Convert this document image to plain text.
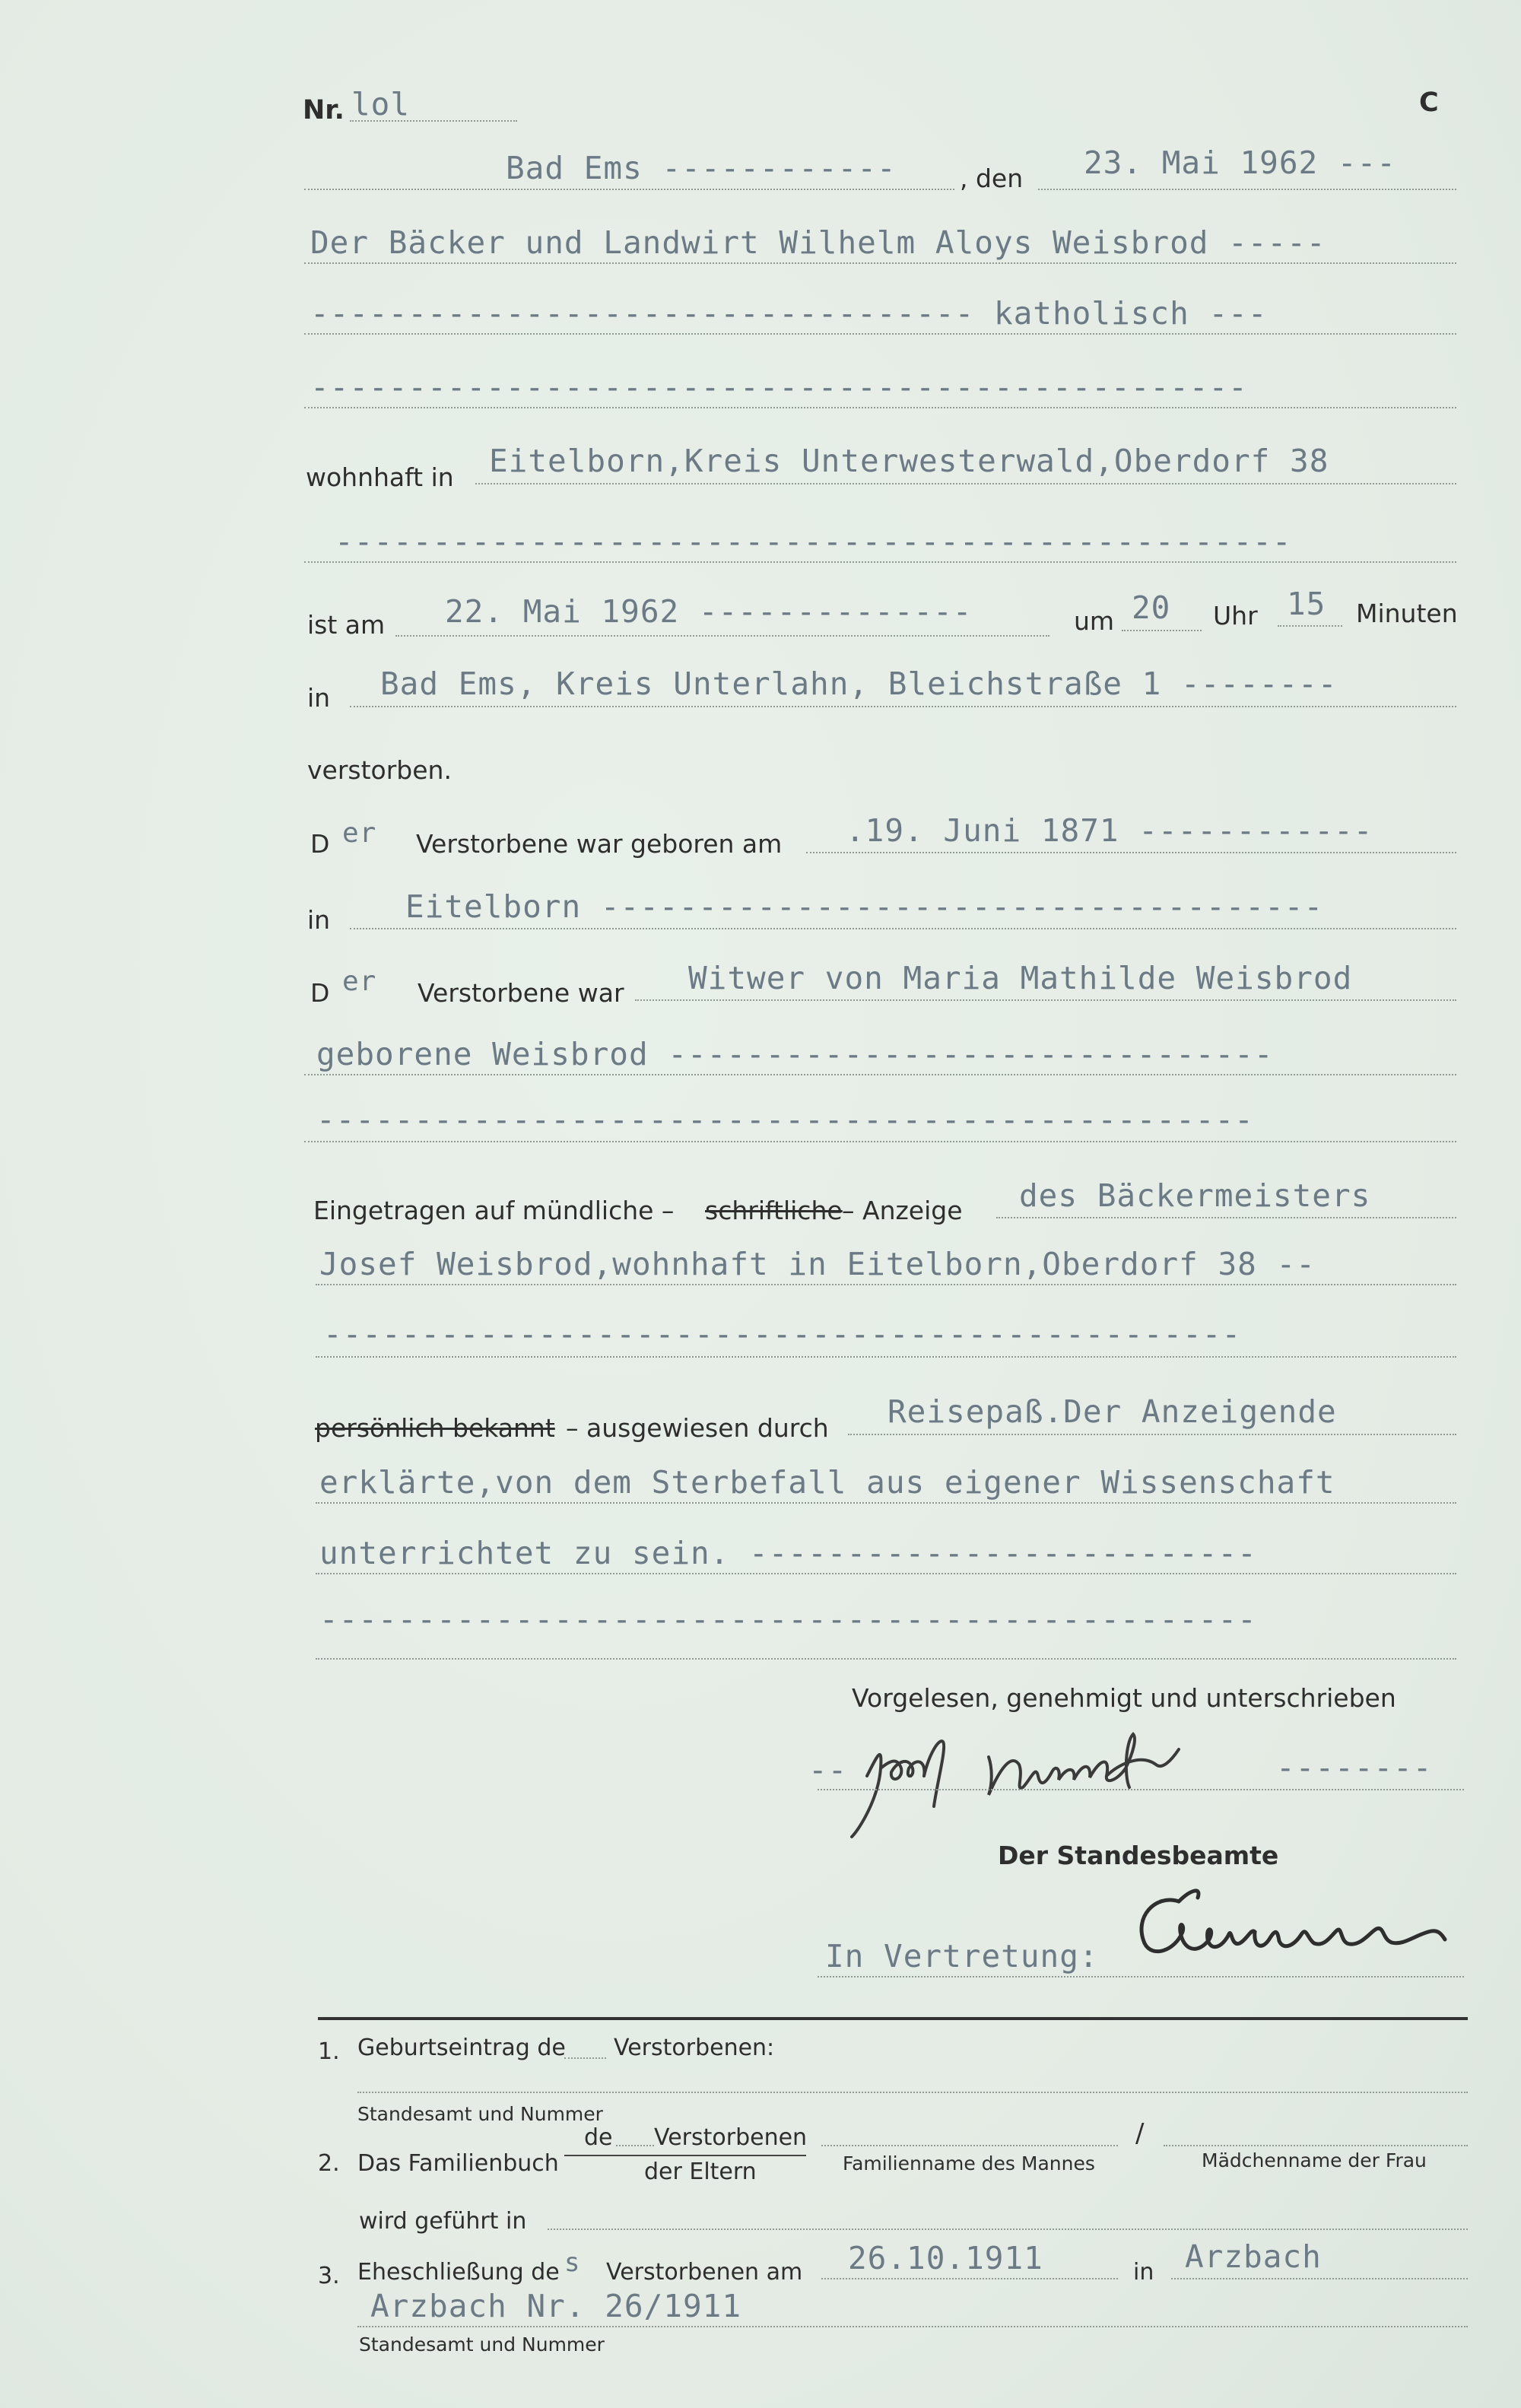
Nr. lol	C
Bad Ems ------------	, den 23. Mai 1962 ---
Der Bäcker und Landwirt Wilhelm Aloys Weisbrod -----
---------------------------------- katholisch ---
------------------------------------------------
wohnhaft in Eitelborn,Kreis Unterwesterwald,Oberdorf 38
-------------------------------------------------
ist am 22. Mai 1962 --------------	um 20 Uhr 15 Minuten
in Bad Ems, Kreis Unterlahn, Bleichstraße 1 --------
verstorben.
D er Verstorbene war geboren am .19. Juni 1871 ------------
in Eitelborn -------------------------------------
D er Verstorbene war Witwer von Maria Mathilde Weisbrod
geborene Weisbrod -------------------------------
------------------------------------------------
Eingetragen auf mündliche – schriftliche – Anzeige des Bäckermeisters
Josef Weisbrod,wohnhaft in Eitelborn,Oberdorf 38 --
-----------------------------------------------
persönlich bekannt – ausgewiesen durch Reisepaß.Der Anzeigende
erklärte,von dem Sterbefall aus eigener Wissenschaft
unterrichtet zu sein. --------------------------
------------------------------------------------
Vorgelesen, genehmigt und unterschrieben
--	--------
Der Standesbeamte
In Vertretung:
1. Geburtseintrag de Verstorbenen:
Standesamt und Nummer
2. Das Familienbuch
de Verstorbenen
der Eltern	Familienname des Mannes
/
Mädchenname der Frau
wird geführt in
3. Eheschließung de s Verstorbenen am 26.10.1911	in Arzbach
Arzbach Nr. 26/1911
Standesamt und Nummer
